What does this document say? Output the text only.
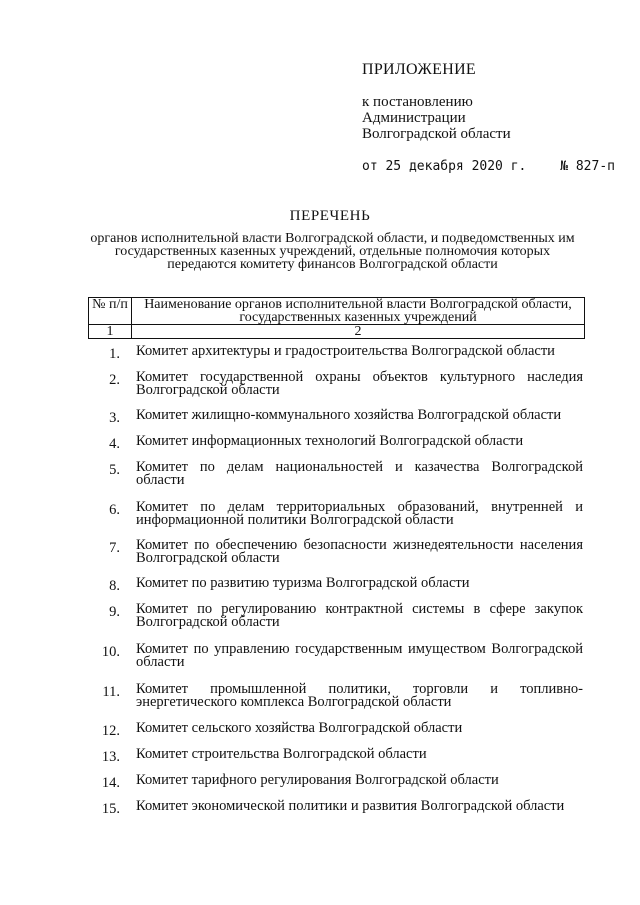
ПРИЛОЖЕНИЕ
к постановлению
Администрации
Волгоградской области
от 25 декабря 2020 г.	№ 827-п
ПЕРЕЧЕНЬ
органов исполнительной власти Волгоградской области, и подведомственных им государственных казенных учреждений, отдельные полномочия которых передаются комитету финансов Волгоградской области
№ п/п	Наименование органов исполнительной власти Волгоградской области, государственных казенных учреждений
1	2
1. Комитет архитектуры и градостроительства Волгоградской области
2. Комитет государственной охраны объектов культурного наследия Волгоградской области
3. Комитет жилищно-коммунального хозяйства Волгоградской области
4. Комитет информационных технологий Волгоградской области
5. Комитет по делам национальностей и казачества Волгоградской области
6. Комитет по делам территориальных образований, внутренней и информационной политики Волгоградской области
7. Комитет по обеспечению безопасности жизнедеятельности населения Волгоградской области
8. Комитет по развитию туризма Волгоградской области
9. Комитет по регулированию контрактной системы в сфере закупок Волгоградской области
10. Комитет по управлению государственным имуществом Волгоградской области
11. Комитет промышленной политики, торговли и топливно-энергетического комплекса Волгоградской области
12. Комитет сельского хозяйства Волгоградской области
13. Комитет строительства Волгоградской области
14. Комитет тарифного регулирования Волгоградской области
15. Комитет экономической политики и развития Волгоградской области
